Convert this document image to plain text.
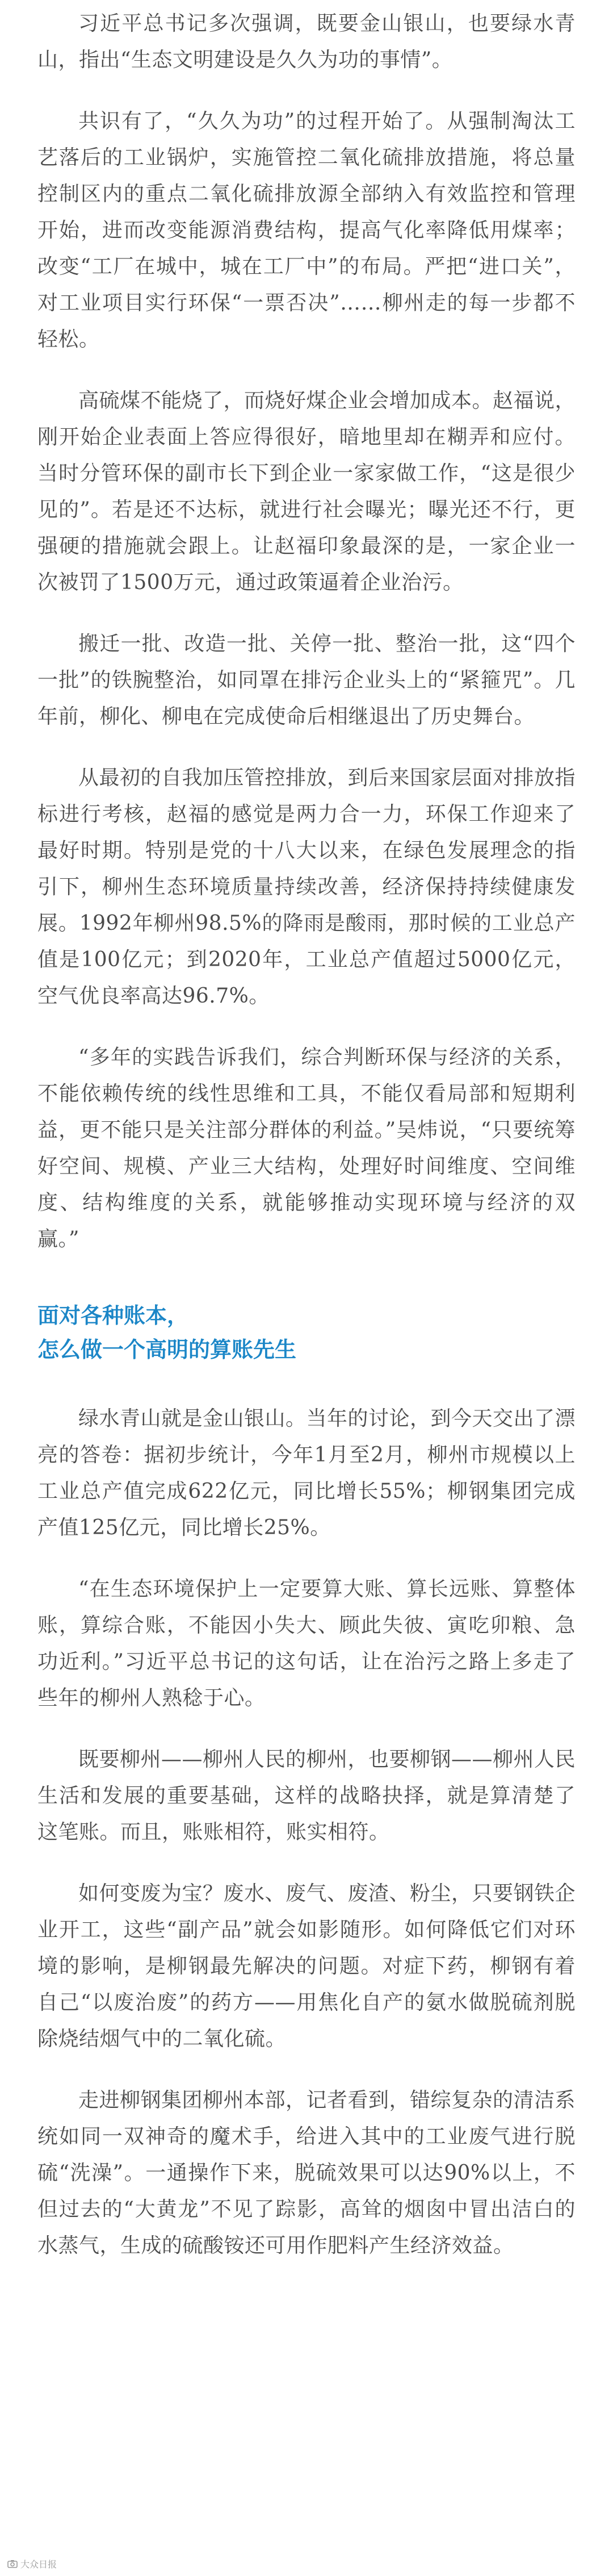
习近平总书记多次强调，既要金山银山，也要绿水青山，指出“生态文明建设是久久为功的事情”。

共识有了，“久久为功”的过程开始了。从强制淘汰工艺落后的工业锅炉，实施管控二氧化硫排放措施，将总量控制区内的重点二氧化硫排放源全部纳入有效监控和管理开始，进而改变能源消费结构，提高气化率降低用煤率；改变“工厂在城中，城在工厂中”的布局。严把“进口关”，对工业项目实行环保“一票否决”……柳州走的每一步都不轻松。

高硫煤不能烧了，而烧好煤企业会增加成本。赵福说，刚开始企业表面上答应得很好，暗地里却在糊弄和应付。当时分管环保的副市长下到企业一家家做工作，“这是很少见的”。若是还不达标，就进行社会曝光；曝光还不行，更强硬的措施就会跟上。让赵福印象最深的是，一家企业一次被罚了1500万元，通过政策逼着企业治污。

搬迁一批、改造一批、关停一批、整治一批，这“四个一批”的铁腕整治，如同罩在排污企业头上的“紧箍咒”。几年前，柳化、柳电在完成使命后相继退出了历史舞台。

从最初的自我加压管控排放，到后来国家层面对排放指标进行考核，赵福的感觉是两力合一力，环保工作迎来了最好时期。特别是党的十八大以来，在绿色发展理念的指引下，柳州生态环境质量持续改善，经济保持持续健康发展。1992年柳州98.5%的降雨是酸雨，那时候的工业总产值是100亿元；到2020年，工业总产值超过5000亿元，空气优良率高达96.7%。

“多年的实践告诉我们，综合判断环保与经济的关系，不能依赖传统的线性思维和工具，不能仅看局部和短期利益，更不能只是关注部分群体的利益。”吴炜说，“只要统筹好空间、规模、产业三大结构，处理好时间维度、空间维度、结构维度的关系，就能够推动实现环境与经济的双赢。”

面对各种账本，
怎么做一个高明的算账先生

绿水青山就是金山银山。当年的讨论，到今天交出了漂亮的答卷：据初步统计，今年1月至2月，柳州市规模以上工业总产值完成622亿元，同比增长55%；柳钢集团完成产值125亿元，同比增长25%。

“在生态环境保护上一定要算大账、算长远账、算整体账，算综合账，不能因小失大、顾此失彼、寅吃卯粮、急功近利。”习近平总书记的这句话，让在治污之路上多走了些年的柳州人熟稔于心。

既要柳州——柳州人民的柳州，也要柳钢——柳州人民生活和发展的重要基础，这样的战略抉择，就是算清楚了这笔账。而且，账账相符，账实相符。

如何变废为宝？废水、废气、废渣、粉尘，只要钢铁企业开工，这些“副产品”就会如影随形。如何降低它们对环境的影响，是柳钢最先解决的问题。对症下药，柳钢有着自己“以废治废”的药方——用焦化自产的氨水做脱硫剂脱除烧结烟气中的二氧化硫。

走进柳钢集团柳州本部，记者看到，错综复杂的清洁系统如同一双神奇的魔术手，给进入其中的工业废气进行脱硫“洗澡”。一通操作下来，脱硫效果可以达90%以上，不但过去的“大黄龙”不见了踪影，高耸的烟囱中冒出洁白的水蒸气，生成的硫酸铵还可用作肥料产生经济效益。

大众日报
